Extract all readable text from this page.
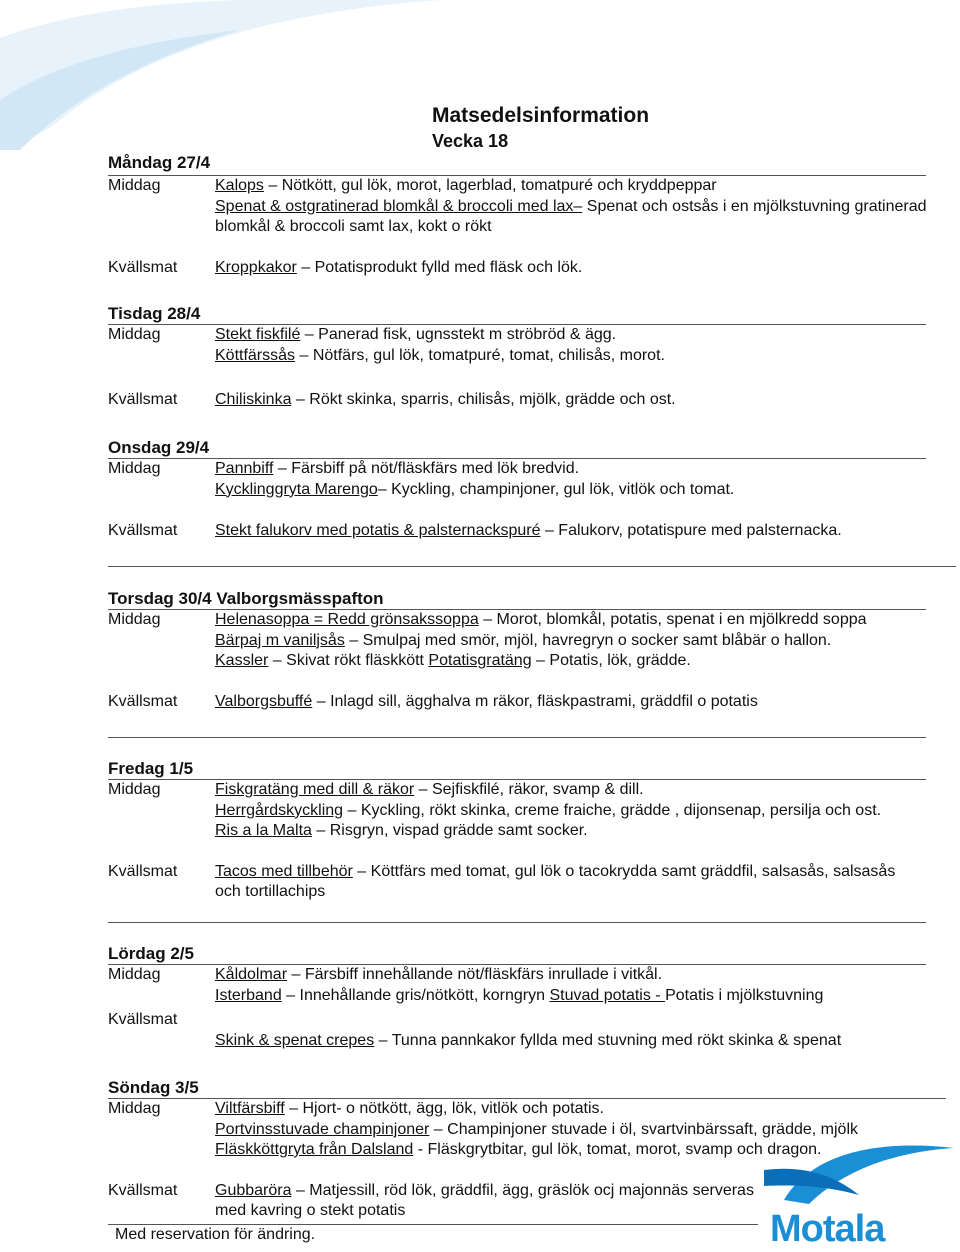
Matsedelsinformation
Vecka 18
Måndag 27/4
Middag	Kalops – Nötkött, gul lök, morot, lagerblad, tomatpuré och kryddpeppar
Spenat & ostgratinerad blomkål & broccoli med lax– Spenat och ostsås i en mjölkstuvning gratinerad blomkål & broccoli samt lax, kokt o rökt
Kvällsmat Kroppkakor – Potatisprodukt fylld med fläsk och lök.
Tisdag 28/4
Middag	Stekt fiskfilé – Panerad fisk, ugnsstekt m ströbröd & ägg.
Köttfärssås – Nötfärs, gul lök, tomatpuré, tomat, chilisås, morot.
Kvällsmat Chiliskinka – Rökt skinka, sparris, chilisås, mjölk, grädde och ost.
Onsdag 29/4
Middag	Pannbiff – Färsbiff på nöt/fläskfärs med lök bredvid.
Kycklinggryta Marengo– Kyckling, champinjoner, gul lök, vitlök och tomat.
Kvällsmat Stekt falukorv med potatis & palsternackspuré – Falukorv, potatispure med palsternacka.
Torsdag 30/4 Valborgsmässpafton
Middag	Helenasoppa = Redd grönsakssoppa – Morot, blomkål, potatis, spenat i en mjölkredd soppa
Bärpaj m vaniljsås – Smulpaj med smör, mjöl, havregryn o socker samt blåbär o hallon.
Kassler – Skivat rökt fläskkött Potatisgratäng – Potatis, lök, grädde.
Kvällsmat Valborgsbuffé – Inlagd sill, ägghalva m räkor, fläskpastrami, gräddfil o potatis
Fredag 1/5
Middag	Fiskgratäng med dill & räkor – Sejfiskfilé, räkor, svamp & dill.
Herrgårdskyckling – Kyckling, rökt skinka, creme fraiche, grädde , dijonsenap, persilja och ost.
Ris a la Malta – Risgryn, vispad grädde samt socker.
Kvällsmat Tacos med tillbehör – Köttfärs med tomat, gul lök o tacokrydda samt gräddfil, salsasås, salsasås och tortillachips
Lördag 2/5
Middag	Kåldolmar – Färsbiff innehållande nöt/fläskfärs inrullade i vitkål.
Isterband – Innehållande gris/nötkött, korngryn Stuvad potatis - Potatis i mjölkstuvning
Kvällsmat
Skink & spenat crepes – Tunna pannkakor fyllda med stuvning med rökt skinka & spenat
Söndag 3/5
Middag	Viltfärsbiff – Hjort- o nötkött, ägg, lök, vitlök och potatis.
Portvinsstuvade champinjoner – Champinjoner stuvade i öl, svartvinbärssaft, grädde, mjölk
Fläskköttgryta från Dalsland - Fläskgrytbitar, gul lök, tomat, morot, svamp och dragon.
Kvällsmat Gubbaröra – Matjessill, röd lök, gräddfil, ägg, gräslök ocj majonnäs serveras med kavring o stekt potatis
Med reservation för ändring.	Motala
